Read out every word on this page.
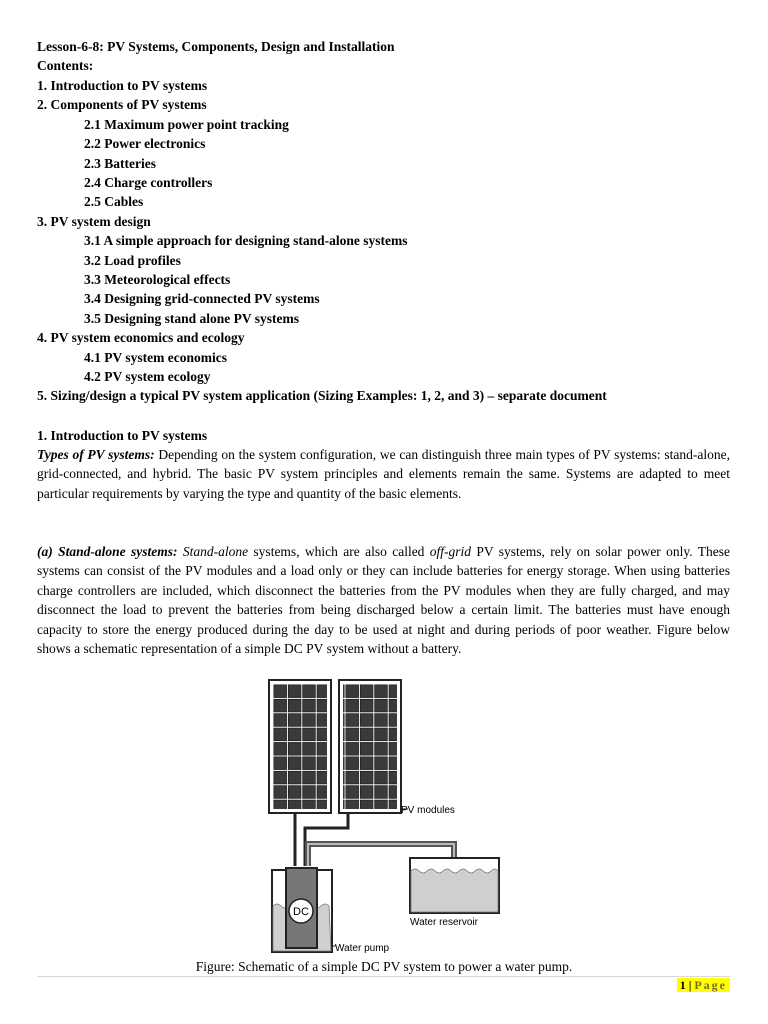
Lesson-6-8: PV Systems, Components, Design and Installation
Contents:
1. Introduction to PV systems
2. Components of PV systems
2.1 Maximum power point tracking
2.2 Power electronics
2.3 Batteries
2.4 Charge controllers
2.5 Cables
3. PV system design
3.1 A simple approach for designing stand-alone systems
3.2 Load profiles
3.3 Meteorological effects
3.4 Designing grid-connected PV systems
3.5 Designing stand alone PV systems
4. PV system economics and ecology
4.1 PV system economics
4.2 PV system ecology
5. Sizing/design a typical PV system application (Sizing Examples: 1, 2, and 3) – separate document
1. Introduction to PV systems
Types of PV systems: Depending on the system configuration, we can distinguish three main types of PV systems: stand-alone, grid-connected, and hybrid. The basic PV system principles and elements remain the same. Systems are adapted to meet particular requirements by varying the type and quantity of the basic elements.
(a) Stand-alone systems: Stand-alone systems, which are also called off-grid PV systems, rely on solar power only. These systems can consist of the PV modules and a load only or they can include batteries for energy storage. When using batteries charge controllers are included, which disconnect the batteries from the PV modules when they are fully charged, and may disconnect the load to prevent the batteries from being discharged below a certain limit. The batteries must have enough capacity to store the energy produced during the day to be used at night and during periods of poor weather. Figure below shows a schematic representation of a simple DC PV system without a battery.
PV modules
DC
Water pump
Water reservoir
Figure: Schematic of a simple DC PV system to power a water pump.
1 | Page
